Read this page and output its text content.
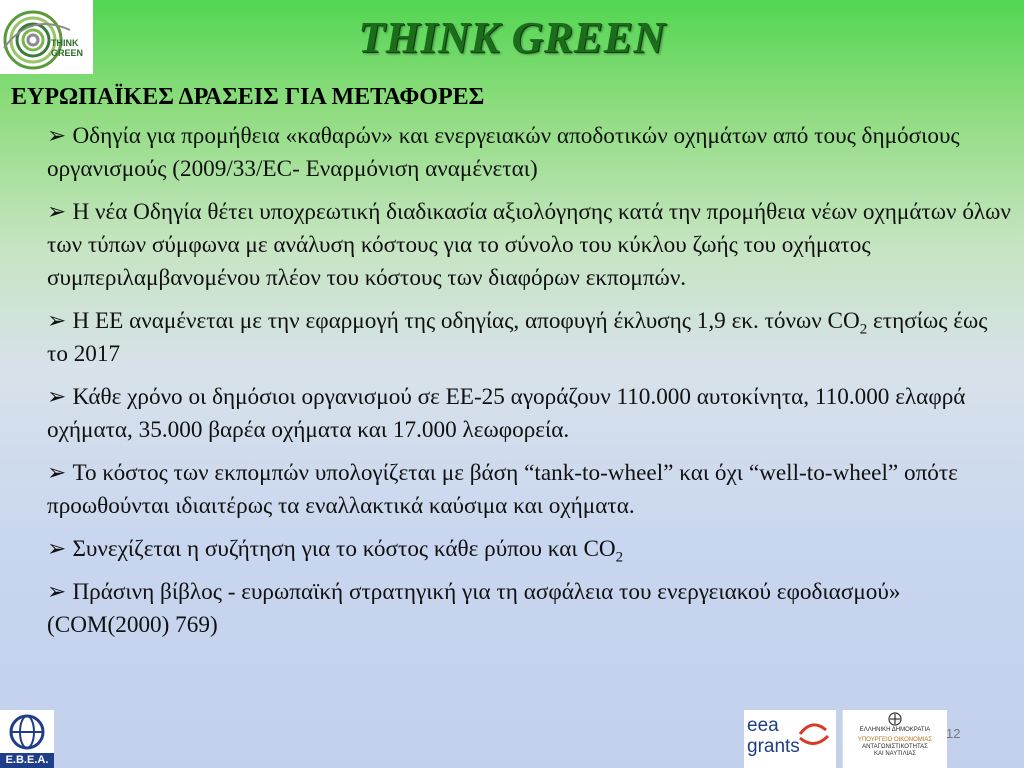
THINK
GREEN	THINK GREEN
ΕΥΡΩΠΑΪΚΕΣ ΔΡΑΣΕΙΣ ΓΙΑ ΜΕΤΑΦΟΡΕΣ
➢ Οδηγία για προμήθεια «καθαρών» και ενεργειακών αποδοτικών οχημάτων από τους δημόσιους οργανισμούς (2009/33/EC- Εναρμόνιση αναμένεται)
➢ Η νέα Οδηγία θέτει υποχρεωτική διαδικασία αξιολόγησης κατά την προμήθεια νέων οχημάτων όλων των τύπων σύμφωνα με ανάλυση κόστους για το σύνολο του κύκλου ζωής του οχήματος συμπεριλαμβανομένου πλέον του κόστους των διαφόρων εκπομπών.
➢ Η ΕΕ αναμένεται με την εφαρμογή της οδηγίας, αποφυγή έκλυσης 1,9 εκ. τόνων $CO_2$ ετησίως έως το 2017
➢ Κάθε χρόνο οι δημόσιοι οργανισμού σε ΕΕ-25 αγοράζουν 110.000 αυτοκίνητα, 110.000 ελαφρά οχήματα, 35.000 βαρέα οχήματα και 17.000 λεωφορεία.
➢ Το κόστος των εκπομπών υπολογίζεται με βάση “tank-to-wheel” και όχι “well-to-wheel” οπότε προωθούνται ιδιαιτέρως τα εναλλακτικά καύσιμα και οχήματα.
➢ Συνεχίζεται η συζήτηση για το κόστος κάθε ρύπου και $CO_2$
➢ Πράσινη βίβλος - ευρωπαϊκή στρατηγική για τη ασφάλεια του ενεργειακού εφοδιασμού» (COM(2000) 769)
Ε.Β.Ε.Α.
eea
grants
ΕΛΛΗΝΙΚΗ ΔΗΜΟΚΡΑΤΙΑ
ΥΠΟΥΡΓΕΙΟ ΟΙΚΟΝΟΜΙΑΣ
ΑΝΤΑΓΩΝΙΣΤΙΚΟΤΗΤΑΣ
ΚΑΙ ΝΑΥΤΙΛΙΑΣ
12
